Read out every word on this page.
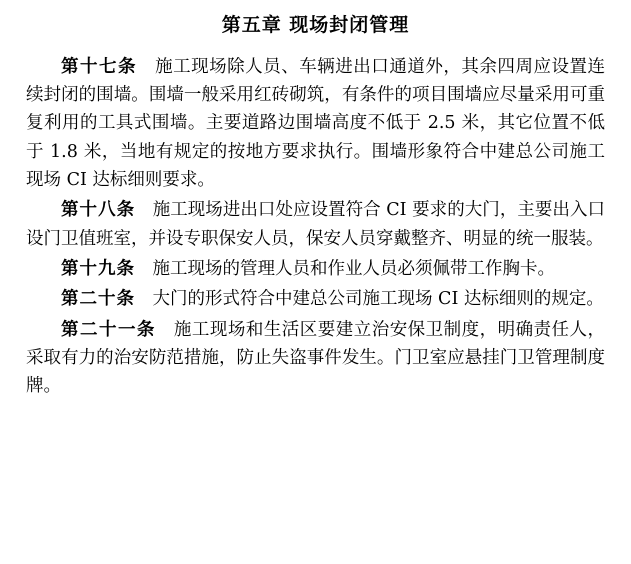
第五章 现场封闭管理

第十七条　施工现场除人员、车辆进出口通道外，其余四周应设置连续封闭的围墙。围墙一般采用红砖砌筑，有条件的项目围墙应尽量采用可重复利用的工具式围墙。主要道路边围墙高度不低于 2.5 米，其它位置不低于 1.8 米，当地有规定的按地方要求执行。围墙形象符合中建总公司施工现场 CI 达标细则要求。

第十八条　施工现场进出口处应设置符合 CI 要求的大门，主要出入口设门卫值班室，并设专职保安人员，保安人员穿戴整齐、明显的统一服装。

第十九条　施工现场的管理人员和作业人员必须佩带工作胸卡。

第二十条　大门的形式符合中建总公司施工现场 CI 达标细则的规定。

第二十一条　施工现场和生活区要建立治安保卫制度，明确责任人，采取有力的治安防范措施，防止失盗事件发生。门卫室应悬挂门卫管理制度牌。
